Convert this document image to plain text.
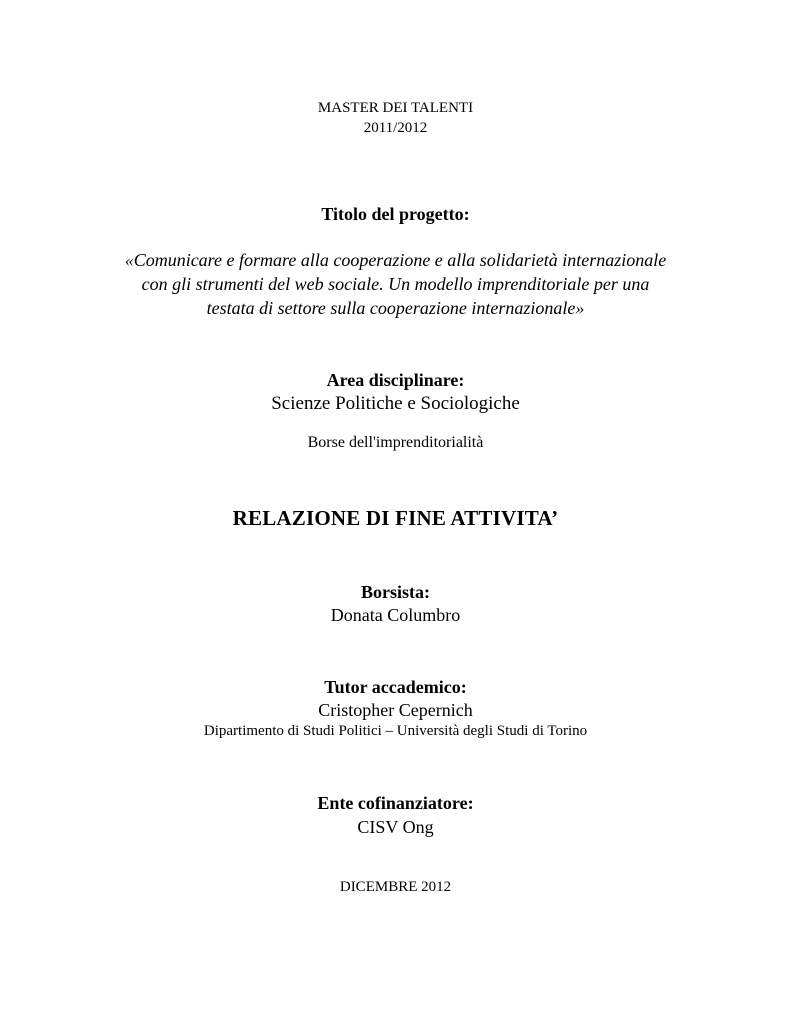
MASTER DEI TALENTI
2011/2012
Titolo del progetto:
«Comunicare e formare alla cooperazione e alla solidarietà internazionale
con gli strumenti del web sociale. Un modello imprenditoriale per una
testata di settore sulla cooperazione internazionale»
Area disciplinare:
Scienze Politiche e Sociologiche
Borse dell'imprenditorialità
RELAZIONE DI FINE ATTIVITA’
Borsista:
Donata Columbro
Tutor accademico:
Cristopher Cepernich
Dipartimento di Studi Politici – Università degli Studi di Torino
Ente cofinanziatore:
CISV Ong
DICEMBRE 2012
